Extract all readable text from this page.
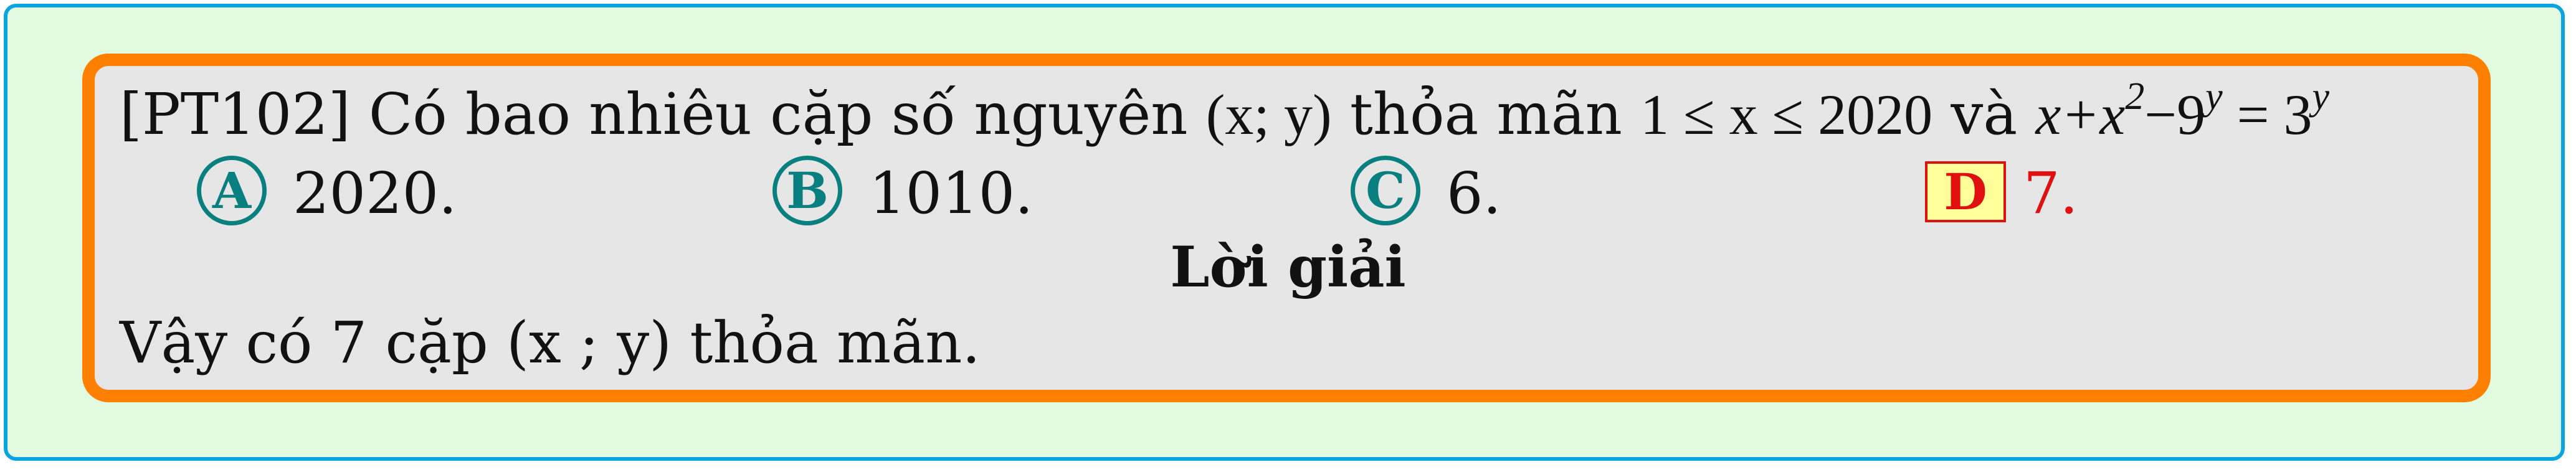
[PT102] Có bao nhiêu cặp số nguyên (x; y) thỏa mãn 1 ≤ x ≤ 2020 và $x+x^2-9^y = 3^y$
A 2020.	B 1010.	C 6.	D 7.
Lời giải
Vậy có 7 cặp (x ; y) thỏa mãn.
